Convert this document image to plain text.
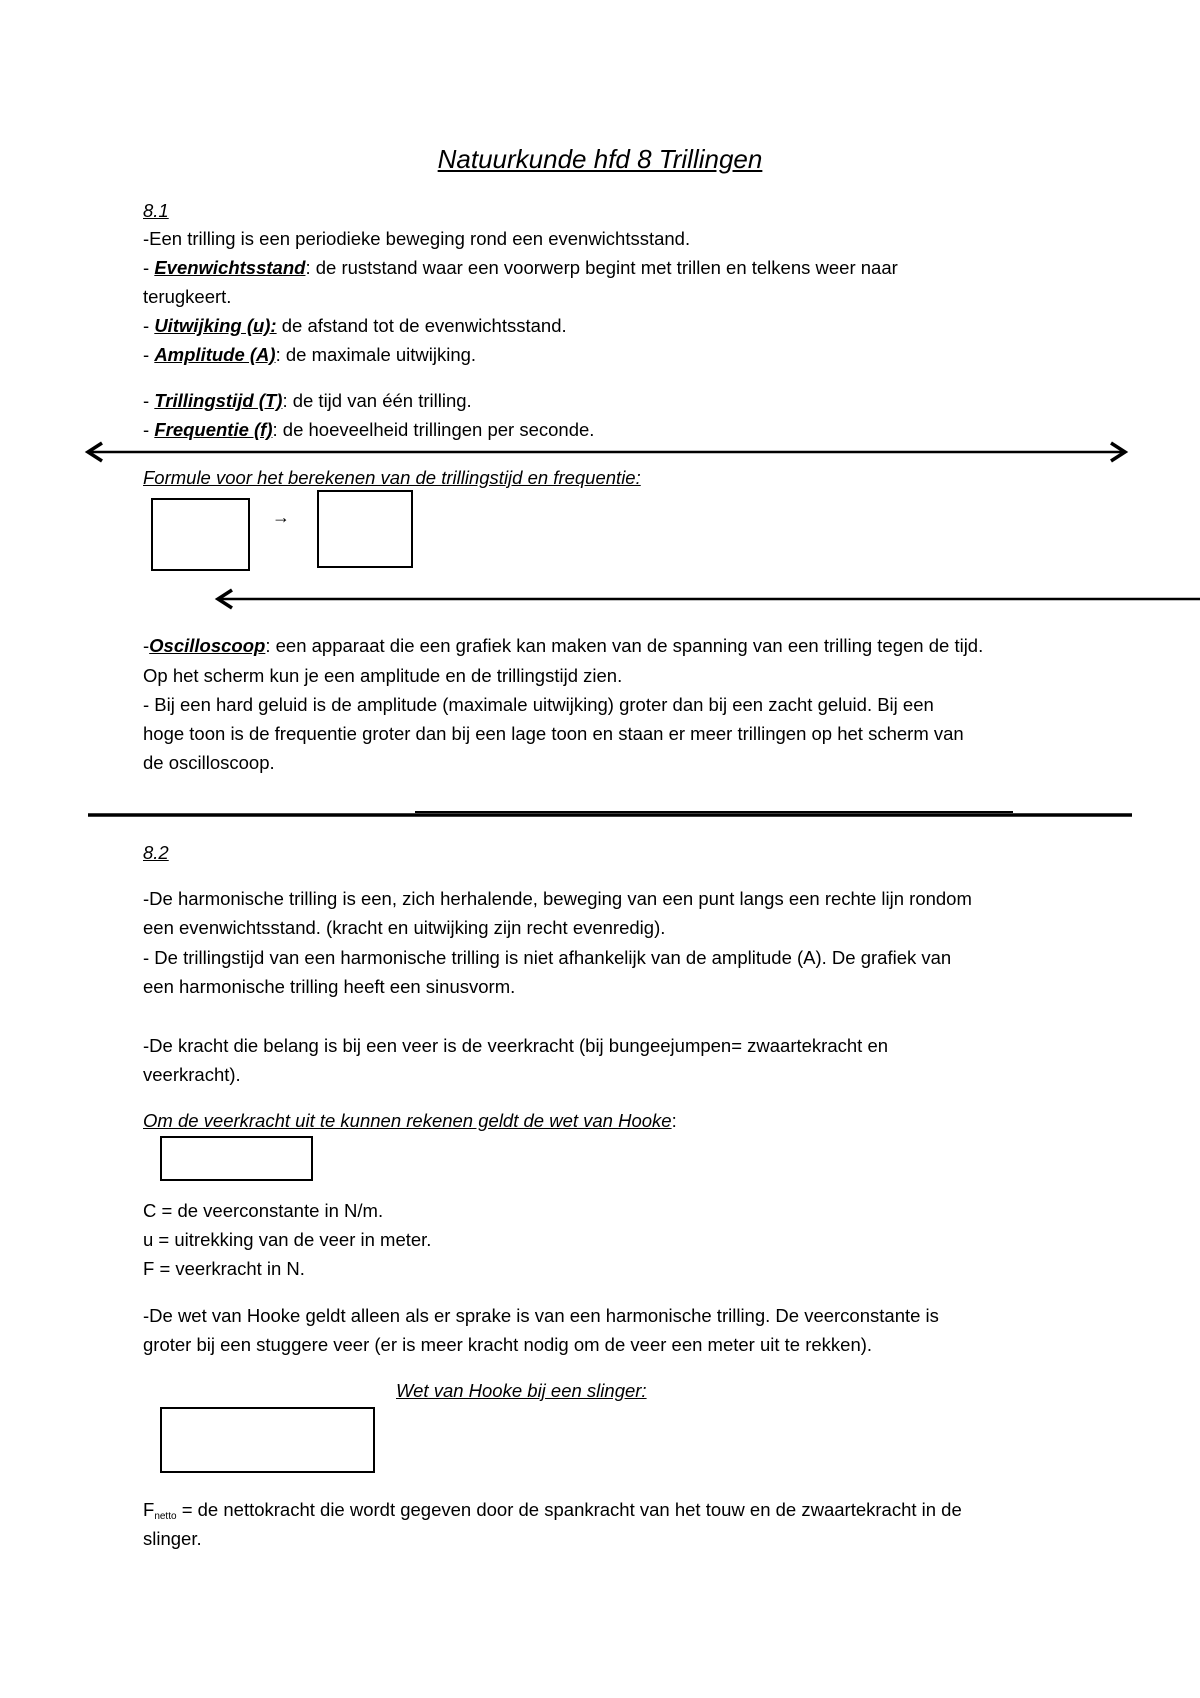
Natuurkunde hfd 8 Trillingen
8.1
-Een trilling is een periodieke beweging rond een evenwichtsstand.
- Evenwichtsstand: de ruststand waar een voorwerp begint met trillen en telkens weer naar
terugkeert.
- Uitwijking (u): de afstand tot de evenwichtsstand.
- Amplitude (A): de maximale uitwijking.
- Trillingstijd (T): de tijd van één trilling.
- Frequentie (f): de hoeveelheid trillingen per seconde.
Formule voor het berekenen van de trillingstijd en frequentie:
→
-Oscilloscoop: een apparaat die een grafiek kan maken van de spanning van een trilling tegen de tijd.
Op het scherm kun je een amplitude en de trillingstijd zien.
- Bij een hard geluid is de amplitude (maximale uitwijking) groter dan bij een zacht geluid. Bij een
hoge toon is de frequentie groter dan bij een lage toon en staan er meer trillingen op het scherm van
de oscilloscoop.
8.2
-De harmonische trilling is een, zich herhalende, beweging van een punt langs een rechte lijn rondom
een evenwichtsstand. (kracht en uitwijking zijn recht evenredig).
- De trillingstijd van een harmonische trilling is niet afhankelijk van de amplitude (A). De grafiek van
een harmonische trilling heeft een sinusvorm.
-De kracht die belang is bij een veer is de veerkracht (bij bungeejumpen= zwaartekracht en
veerkracht).
Om de veerkracht uit te kunnen rekenen geldt de wet van Hooke:
C = de veerconstante in N/m.
u = uitrekking van de veer in meter.
F = veerkracht in N.
-De wet van Hooke geldt alleen als er sprake is van een harmonische trilling. De veerconstante is
groter bij een stuggere veer (er is meer kracht nodig om de veer een meter uit te rekken).
Wet van Hooke bij een slinger:
$F_{netto}$ = de nettokracht die wordt gegeven door de spankracht van het touw en de zwaartekracht in de
slinger.
